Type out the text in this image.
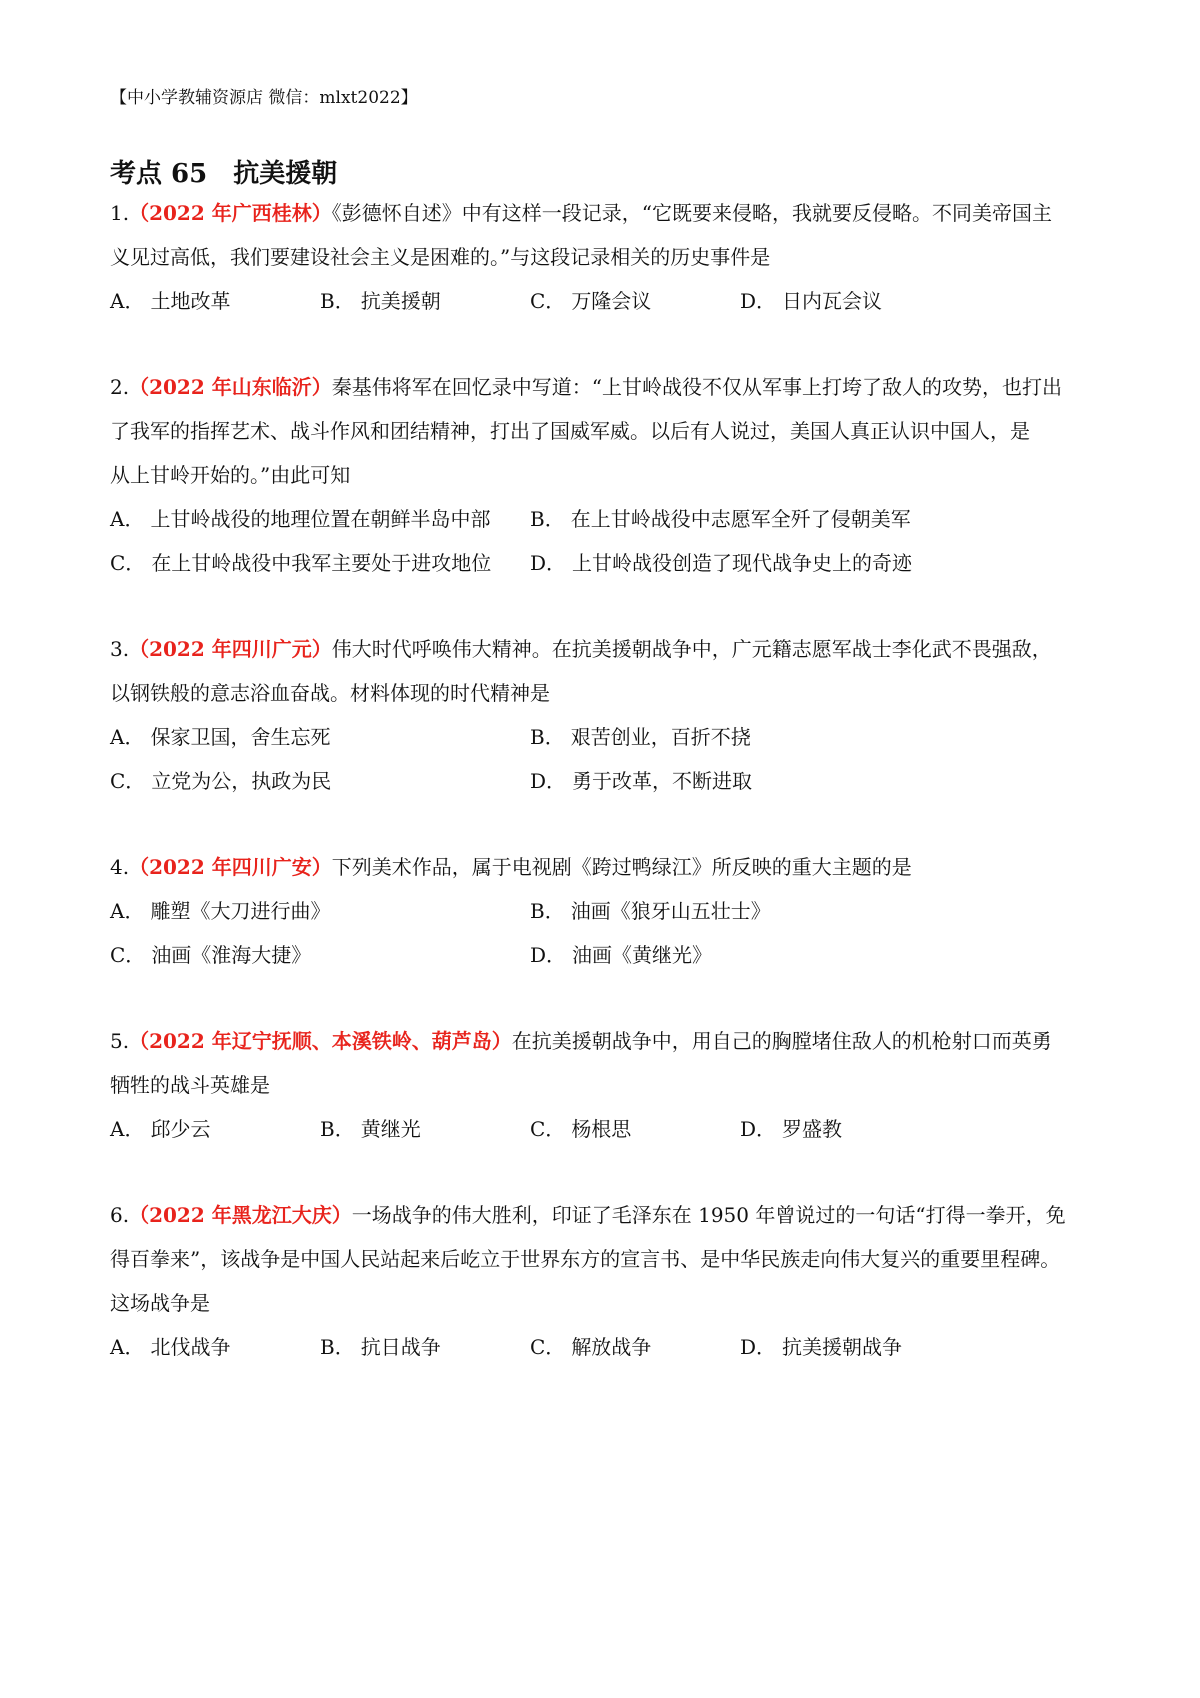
【中小学教辅资源店 微信：mlxt2022】
考点 65 抗美援朝
1.（2022 年广西桂林）《彭德怀自述》中有这样一段记录，“它既要来侵略，我就要反侵略。不同美帝国主
义见过高低，我们要建设社会主义是困难的。”与这段记录相关的历史事件是
A． 土地改革	B． 抗美援朝	C． 万隆会议	D． 日内瓦会议
2.（2022 年山东临沂）秦基伟将军在回忆录中写道：“上甘岭战役不仅从军事上打垮了敌人的攻势，也打出
了我军的指挥艺术、战斗作风和团结精神，打出了国威军威。以后有人说过，美国人真正认识中国人，是
从上甘岭开始的。”由此可知
A． 上甘岭战役的地理位置在朝鲜半岛中部 B． 在上甘岭战役中志愿军全歼了侵朝美军
C． 在上甘岭战役中我军主要处于进攻地位 D． 上甘岭战役创造了现代战争史上的奇迹
3.（2022 年四川广元）伟大时代呼唤伟大精神。在抗美援朝战争中，广元籍志愿军战士李化武不畏强敌，
以钢铁般的意志浴血奋战。材料体现的时代精神是
A． 保家卫国，舍生忘死	B． 艰苦创业，百折不挠
C． 立党为公，执政为民	D． 勇于改革，不断进取
4.（2022 年四川广安）下列美术作品，属于电视剧《跨过鸭绿江》所反映的重大主题的是
A． 雕塑《大刀进行曲》	B． 油画《狼牙山五壮士》
C． 油画《淮海大捷》	D． 油画《黄继光》
5.（2022 年辽宁抚顺、本溪铁岭、葫芦岛）在抗美援朝战争中，用自己的胸膛堵住敌人的机枪射口而英勇
牺牲的战斗英雄是
A． 邱少云	B． 黄继光	C． 杨根思	D． 罗盛教
6.（2022 年黑龙江大庆）一场战争的伟大胜利，印证了毛泽东在 1950 年曾说过的一句话“打得一拳开，免
得百拳来”，该战争是中国人民站起来后屹立于世界东方的宣言书、是中华民族走向伟大复兴的重要里程碑。
这场战争是
A． 北伐战争	B． 抗日战争	C． 解放战争	D． 抗美援朝战争
